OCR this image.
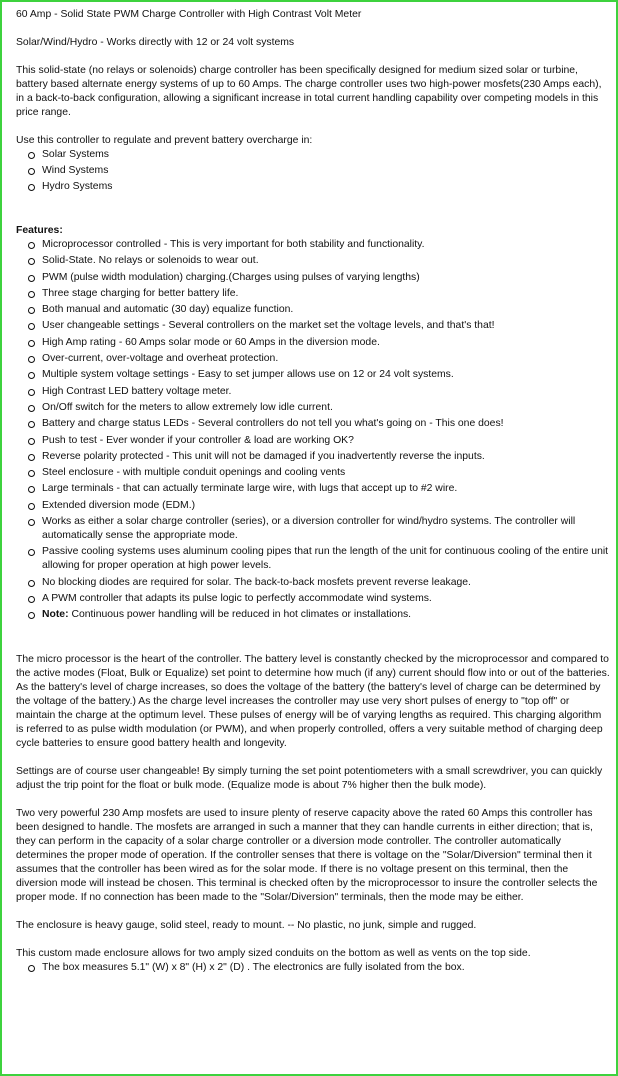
60 Amp - Solid State PWM Charge Controller with High Contrast Volt Meter

Solar/Wind/Hydro - Works directly with 12 or 24 volt systems

This solid-state (no relays or solenoids) charge controller has been specifically designed for medium sized solar or turbine, battery based alternate energy systems of up to 60 Amps. The charge controller uses two high-power mosfets(230 Amps each), in a back-to-back configuration, allowing a significant increase in total current handling capability over competing models in this price range.

Use this controller to regulate and prevent battery overcharge in:

Solar Systems
Wind Systems
Hydro Systems

Features:

Microprocessor controlled - This is very important for both stability and functionality.
Solid-State. No relays or solenoids to wear out.
PWM (pulse width modulation) charging.(Charges using pulses of varying lengths)
Three stage charging for better battery life.
Both manual and automatic (30 day) equalize function.
User changeable settings - Several controllers on the market set the voltage levels, and that's that!
High Amp rating - 60 Amps solar mode or 60 Amps in the diversion mode.
Over-current, over-voltage and overheat protection.
Multiple system voltage settings - Easy to set jumper allows use on 12 or 24 volt systems.
High Contrast LED battery voltage meter.
On/Off switch for the meters to allow extremely low idle current.
Battery and charge status LEDs - Several controllers do not tell you what's going on - This one does!
Push to test - Ever wonder if your controller & load are working OK?
Reverse polarity protected - This unit will not be damaged if you inadvertently reverse the inputs.
Steel enclosure - with multiple conduit openings and cooling vents
Large terminals - that can actually terminate large wire, with lugs that accept up to #2 wire.
Extended diversion mode (EDM.)
Works as either a solar charge controller (series), or a diversion controller for wind/hydro systems. The controller will automatically sense the appropriate mode.
Passive cooling systems uses aluminum cooling pipes that run the length of the unit for continuous cooling of the entire unit allowing for proper operation at high power levels.
No blocking diodes are required for solar. The back-to-back mosfets prevent reverse leakage.
A PWM controller that adapts its pulse logic to perfectly accommodate wind systems.
Note: Continuous power handling will be reduced in hot climates or installations.

The micro processor is the heart of the controller. The battery level is constantly checked by the microprocessor and compared to the active modes (Float, Bulk or Equalize) set point to determine how much (if any) current should flow into or out of the batteries. As the battery's level of charge increases, so does the voltage of the battery (the battery's level of charge can be determined by the voltage of the battery.) As the charge level increases the controller may use very short pulses of energy to "top off" or maintain the charge at the optimum level. These pulses of energy will be of varying lengths as required. This charging algorithm is referred to as pulse width modulation (or PWM), and when properly controlled, offers a very suitable method of charging deep cycle batteries to ensure good battery health and longevity.

Settings are of course user changeable! By simply turning the set point potentiometers with a small screwdriver, you can quickly adjust the trip point for the float or bulk mode. (Equalize mode is about 7% higher then the bulk mode).

Two very powerful 230 Amp mosfets are used to insure plenty of reserve capacity above the rated 60 Amps this controller has been designed to handle. The mosfets are arranged in such a manner that they can handle currents in either direction; that is, they can perform in the capacity of a solar charge controller or a diversion mode controller. The controller automatically determines the proper mode of operation. If the controller senses that there is voltage on the "Solar/Diversion" terminal then it assumes that the controller has been wired as for the solar mode. If there is no voltage present on this terminal, then the diversion mode will instead be chosen. This terminal is checked often by the microprocessor to insure the controller selects the proper mode. If no connection has been made to the "Solar/Diversion" terminals, then the mode may be either.

The enclosure is heavy gauge, solid steel, ready to mount. -- No plastic, no junk, simple and rugged.

This custom made enclosure allows for two amply sized conduits on the bottom as well as vents on the top side.

The box measures 5.1" (W) x 8" (H) x 2" (D) . The electronics are fully isolated from the box.
